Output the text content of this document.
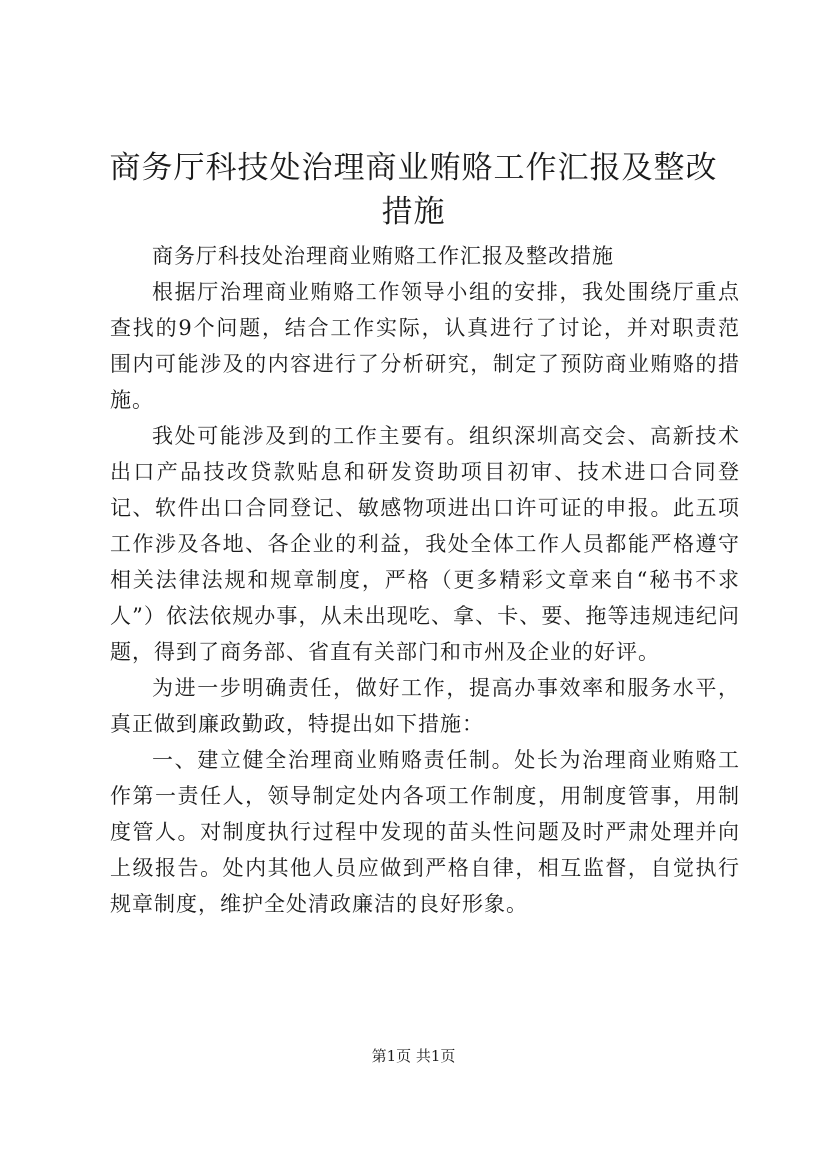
商务厅科技处治理商业贿赂工作汇报及整改措施

商务厅科技处治理商业贿赂工作汇报及整改措施

根据厅治理商业贿赂工作领导小组的安排，我处围绕厅重点查找的9个问题，结合工作实际，认真进行了讨论，并对职责范围内可能涉及的内容进行了分析研究，制定了预防商业贿赂的措施。

我处可能涉及到的工作主要有。组织深圳高交会、高新技术出口产品技改贷款贴息和研发资助项目初审、技术进口合同登记、软件出口合同登记、敏感物项进出口许可证的申报。此五项工作涉及各地、各企业的利益，我处全体工作人员都能严格遵守相关法律法规和规章制度，严格（更多精彩文章来自“秘书不求人”）依法依规办事，从未出现吃、拿、卡、要、拖等违规违纪问题，得到了商务部、省直有关部门和市州及企业的好评。

为进一步明确责任，做好工作，提高办事效率和服务水平，真正做到廉政勤政，特提出如下措施：

一、建立健全治理商业贿赂责任制。处长为治理商业贿赂工作第一责任人，领导制定处内各项工作制度，用制度管事，用制度管人。对制度执行过程中发现的苗头性问题及时严肃处理并向上级报告。处内其他人员应做到严格自律，相互监督，自觉执行规章制度，维护全处清政廉洁的良好形象。

第1页 共1页
